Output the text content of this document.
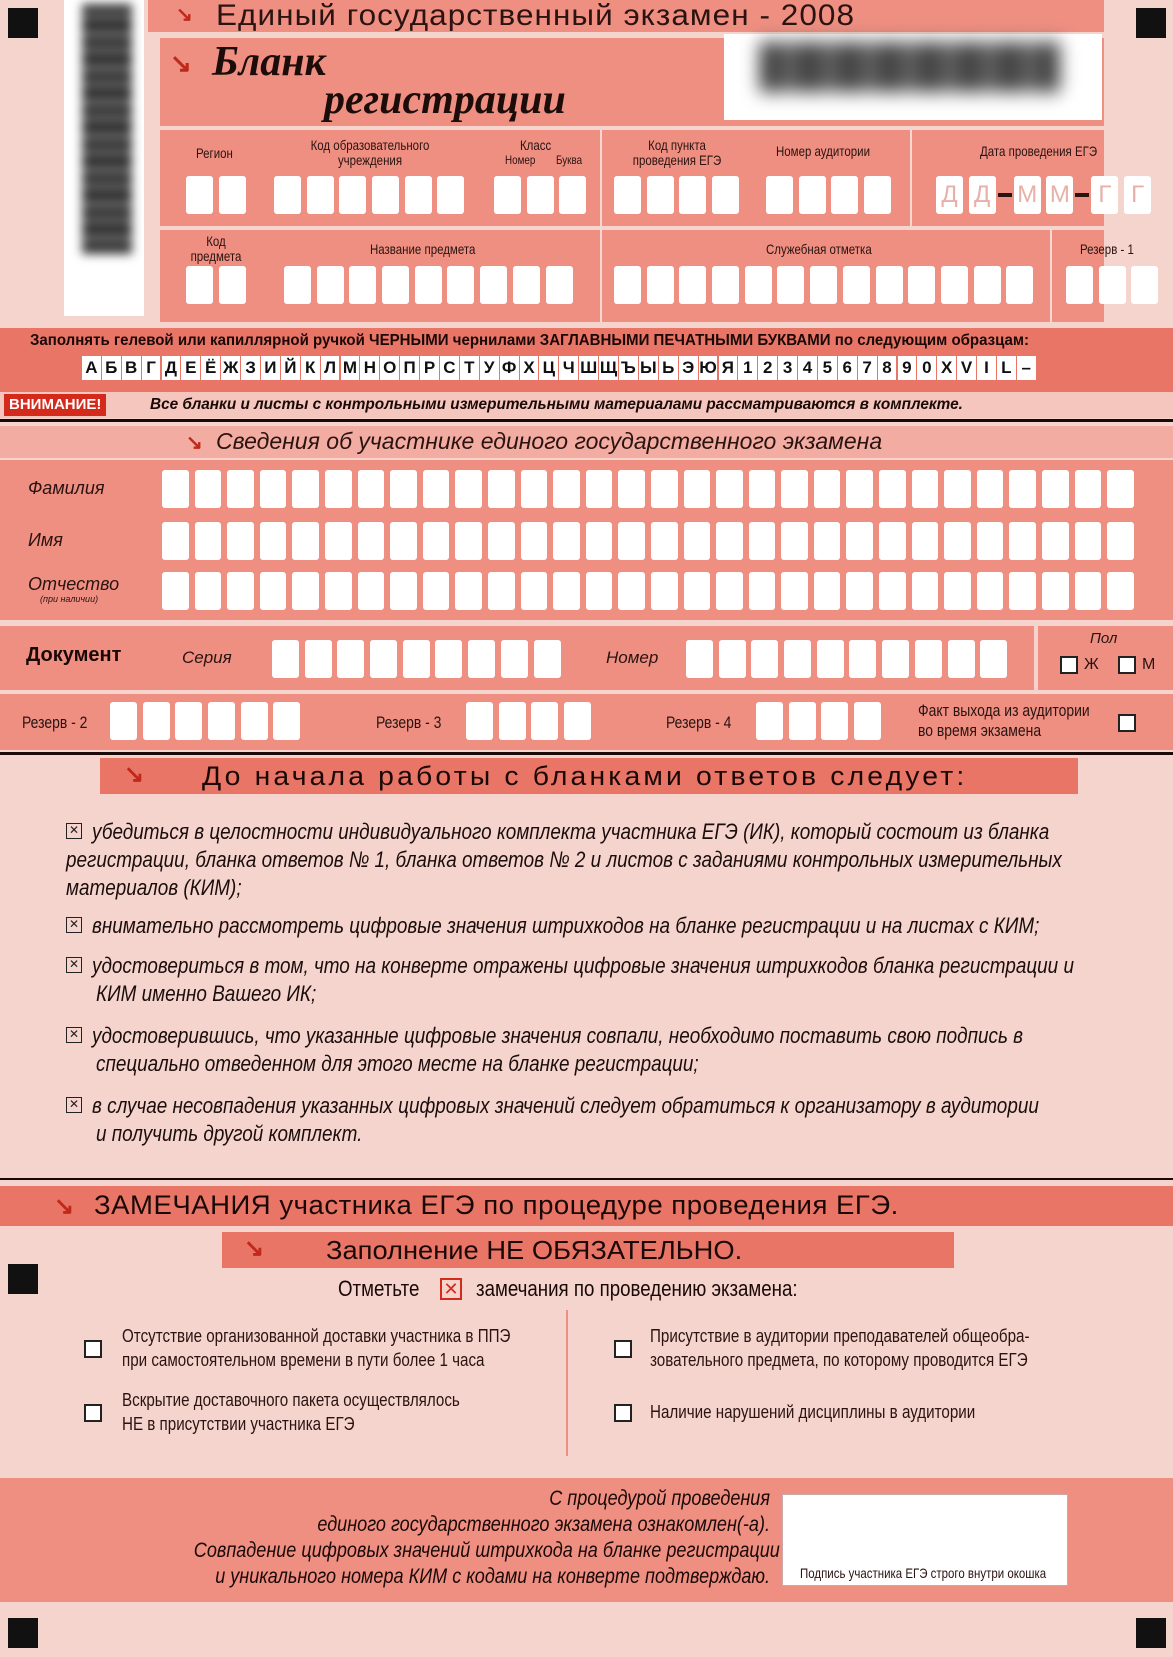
↘ Единый государственный экзамен - 2008
↘ Бланк
регистрации
Регион	Код образовательного учреждения
Класс
Номер Буква
Код пункта проведения ЕГЭ
Номер аудитории	Дата проведения ЕГЭ
Д Д М М Г Г
Код предмета	Название предмета	Служебная отметка	Резерв - 1
Заполнять гелевой или капиллярной ручкой ЧЕРНЫМИ чернилами ЗАГЛАВНЫМИ ПЕЧАТНЫМИ БУКВАМИ по следующим образцам:
А Б В Г Д Е Ё Ж З И Й К Л М Н О П Р С Т У Ф Х Ц Ч Ш Щ Ъ Ы Ь Э Ю Я 1 2 3 4 5 6 7 8 9 0 X V I L –
ВНИМАНИЕ!	Все бланки и листы с контрольными измерительными материалами рассматриваются в комплекте.
↘ Сведения об участнике единого государственного экзамена
Фамилия
Имя
Отчество
(при наличии)
Документ	Серия	Номер
Пол
Ж	М
Резерв - 2	Резерв - 3	Резерв - 4
Факт выхода из аудитории
во время экзамена
↘ До начала работы с бланками ответов следует:
✕ убедиться в целостности индивидуального комплекта участника ЕГЭ (ИК), который состоит из бланка
регистрации, бланка ответов № 1, бланка ответов № 2 и листов с заданиями контрольных измерительных
материалов (КИМ);
✕ внимательно рассмотреть цифровые значения штрихкодов на бланке регистрации и на листах с КИМ;
✕ удостовериться в том, что на конверте отражены цифровые значения штрихкодов бланка регистрации и
КИМ именно Вашего ИК;
✕ удостоверившись, что указанные цифровые значения совпали, необходимо поставить свою подпись в
специально отведенном для этого месте на бланке регистрации;
✕ в случае несовпадения указанных цифровых значений следует обратиться к организатору в аудитории
и получить другой комплект.
↘ ЗАМЕЧАНИЯ участника ЕГЭ по процедуре проведения ЕГЭ.
↘ Заполнение НЕ ОБЯЗАТЕЛЬНО.
Отметьте ✕ замечания по проведению экзамена:
Отсутствие организованной доставки участника в ППЭ
при самостоятельном времени в пути более 1 часа
Вскрытие доставочного пакета осуществлялось
НЕ в присутствии участника ЕГЭ
Присутствие в аудитории преподавателей общеобра-
зовательного предмета, по которому проводится ЕГЭ
Наличие нарушений дисциплины в аудитории
С процедурой проведения
единого государственного экзамена ознакомлен(-а).
Совпадение цифровых значений штрихкода на бланке регистрации
и уникального номера КИМ с кодами на конверте подтверждаю. Подпись участника ЕГЭ строго внутри окошка
